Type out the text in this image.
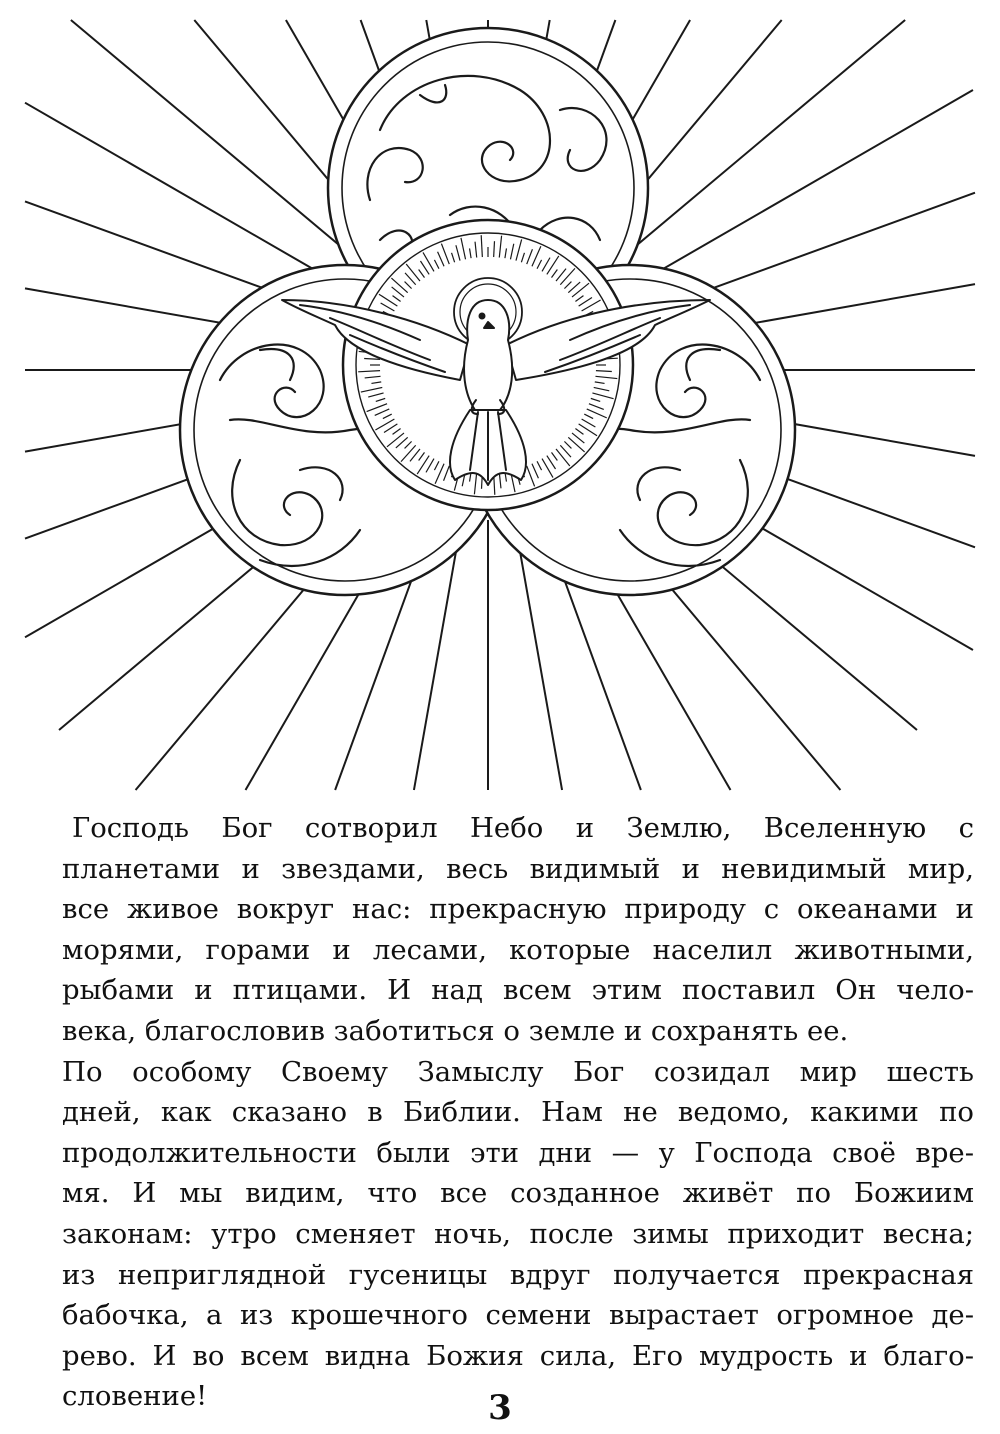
Господь Бог сотворил Небо и Землю, Вселенную с
планетами и звездами, весь видимый и невидимый мир,
все живое вокруг нас: прекрасную природу с океанами и
морями, горами и лесами, которые населил животными,
рыбами и птицами. И над всем этим поставил Он чело-
века, благословив заботиться о земле и сохранять ее.
По особому Своему Замыслу Бог созидал мир шесть
дней, как сказано в Библии. Нам не ведомо, какими по
продолжительности были эти дни — у Господа своё вре-
мя. И мы видим, что все созданное живёт по Божиим
законам: утро сменяет ночь, после зимы приходит весна;
из неприглядной гусеницы вдруг получается прекрасная
бабочка, а из крошечного семени вырастает огромное де-
рево. И во всем видна Божия сила, Его мудрость и благо-
словение!	3
